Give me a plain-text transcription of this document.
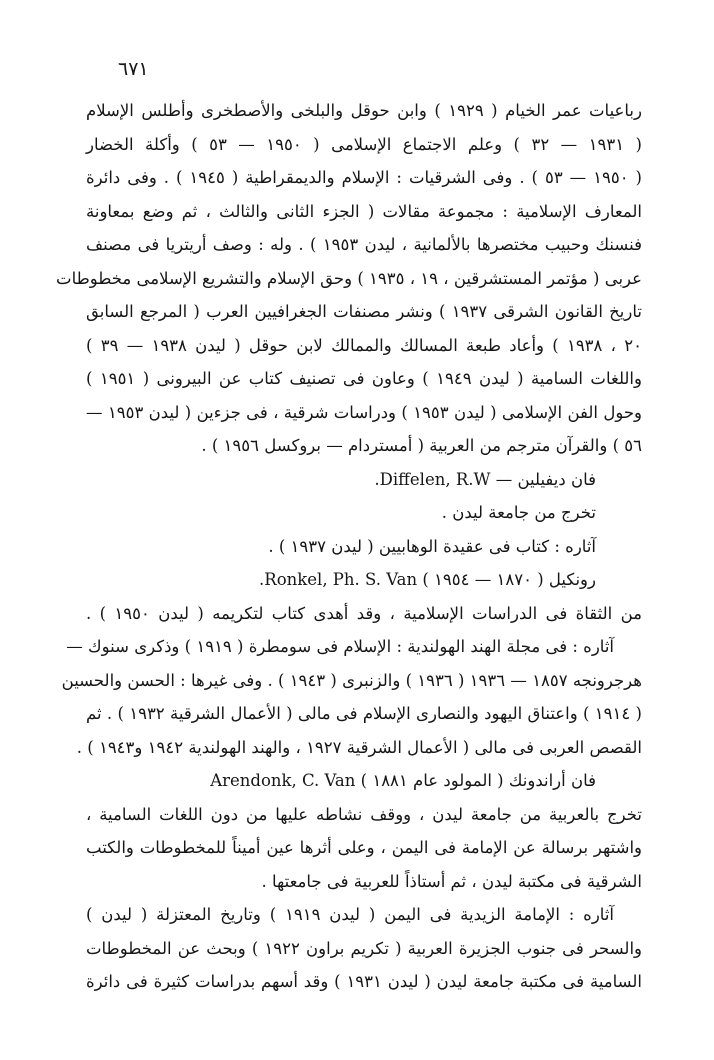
٦٧١
رباعيات عمر الخيام ( ١٩٢٩ ) وابن حوقل والبلخى والأصطخرى وأطلس الإسلام
( ١٩٣١ — ٣٢ ) وعلم الاجتماع الإسلامى ( ١٩٥٠ — ٥٣ ) وأكلة الخضار
( ١٩٥٠ — ٥٣ ) . وفى الشرقيات : الإسلام والديمقراطية ( ١٩٤٥ ) . وفى دائرة
المعارف الإسلامية : مجموعة مقالات ( الجزء الثانى والثالث ، ثم وضع بمعاونة
فنسنك وحبيب مختصرها بالألمانية ، ليدن ١٩٥٣ ) . وله : وصف أريتريا فى مصنف
عربى ( مؤتمر المستشرقين ، ١٩ ، ١٩٣٥ ) وحق الإسلام والتشريع الإسلامى مخطوطات
تاريخ القانون الشرقى ١٩٣٧ ) ونشر مصنفات الجغرافيين العرب ( المرجع السابق
٢٠ ، ١٩٣٨ ) وأعاد طبعة المسالك والممالك لابن حوقل ( ليدن ١٩٣٨ — ٣٩ )
واللغات السامية ( ليدن ١٩٤٩ ) وعاون فى تصنيف كتاب عن البيرونى ( ١٩٥١ )
وحول الفن الإسلامى ( ليدن ١٩٥٣ ) ودراسات شرقية ، فى جزءين ( ليدن ١٩٥٣ —
٥٦ ) والقرآن مترجم من العربية ( أمستردام — بروكسل ١٩٥٦ ) .
فان ديفيلين — Diffelen, R.W.
تخرج من جامعة ليدن .
آثاره : كتاب فى عقيدة الوهابيين ( ليدن ١٩٣٧ ) .
رونكيل ( ١٨٧٠ — ١٩٥٤ ) Ronkel, Ph. S. Van.
من الثقاة فى الدراسات الإسلامية ، وقد أهدى كتاب لتكريمه ( ليدن ١٩٥٠ ) .
آثاره : فى مجلة الهند الهولندية : الإسلام فى سومطرة ( ١٩١٩ ) وذكرى سنوك —
هرجرونجه ١٨٥٧ — ١٩٣٦ ( ١٩٣٦ ) والزنبرى ( ١٩٤٣ ) . وفى غيرها : الحسن والحسين
( ١٩١٤ ) واعتناق اليهود والنصارى الإسلام فى مالى ( الأعمال الشرقية ١٩٣٢ ) . ثم
القصص العربى فى مالى ( الأعمال الشرقية ١٩٢٧ ، والهند الهولندية ١٩٤٢ و١٩٤٣ ) .
فان أراندونك ( المولود عام ١٨٨١ ) Arendonk, C. Van
تخرج بالعربية من جامعة ليدن ، ووقف نشاطه عليها من دون اللغات السامية ،
واشتهر برسالة عن الإمامة فى اليمن ، وعلى أثرها عين أميناً للمخطوطات والكتب
الشرقية فى مكتبة ليدن ، ثم أستاذاً للعربية فى جامعتها .
آثاره : الإمامة الزيدية فى اليمن ( ليدن ١٩١٩ ) وتاريخ المعتزلة ( ليدن )
والسحر فى جنوب الجزيرة العربية ( تكريم براون ١٩٢٢ ) وبحث عن المخطوطات
السامية فى مكتبة جامعة ليدن ( ليدن ١٩٣١ ) وقد أسهم بدراسات كثيرة فى دائرة
